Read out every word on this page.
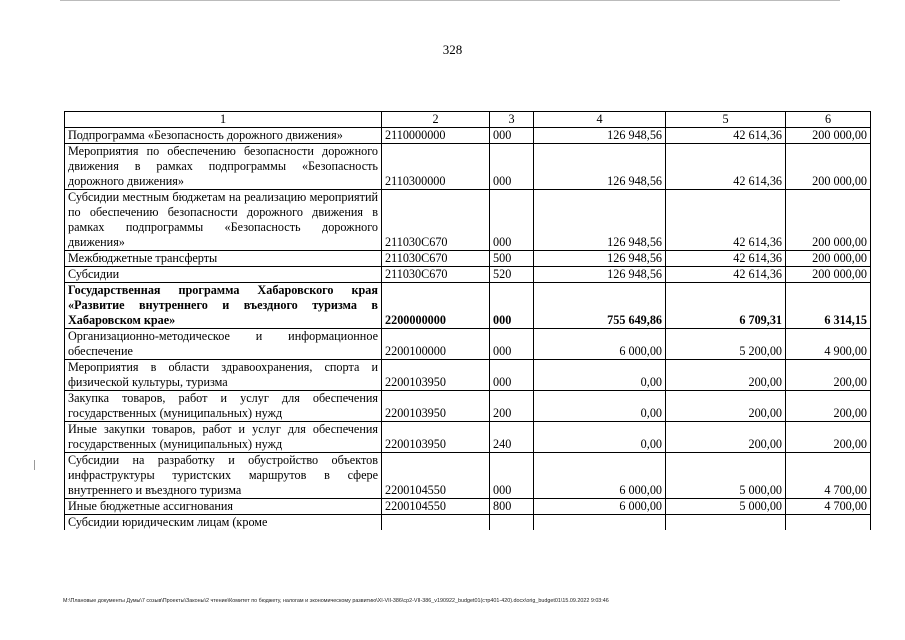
328
1	2	3	4	5	6
Подпрограмма «Безопасность дорожного движения»	2110000000	000	126 948,56	42 614,36	200 000,00
Мероприятия по обеспечению безопасности дорожного движения в рамках подпрограммы «Безопасность дорожного движения»	2110300000	000	126 948,56	42 614,36	200 000,00
Субсидии местным бюджетам на реализацию мероприятий по обеспечению безопасности дорожного движения в рамках подпрограммы «Безопасность дорожного движения»	211030С670	000	126 948,56	42 614,36	200 000,00
Межбюджетные трансферты	211030С670	500	126 948,56	42 614,36	200 000,00
Субсидии	211030С670	520	126 948,56	42 614,36	200 000,00
Государственная программа Хабаровского края «Развитие внутреннего и въездного туризма в Хабаровском крае»	2200000000	000	755 649,86	6 709,31	6 314,15
Организационно-методическое и информационное обеспечение	2200100000	000	6 000,00	5 200,00	4 900,00
Мероприятия в области здравоохранения, спорта и физической культуры, туризма	2200103950	000	0,00	200,00	200,00
Закупка товаров, работ и услуг для обеспечения государственных (муниципальных) нужд	2200103950	200	0,00	200,00	200,00
Иные закупки товаров, работ и услуг для обеспечения государственных (муниципальных) нужд	2200103950	240	0,00	200,00	200,00
Субсидии на разработку и обустройство объектов инфраструктуры туристских маршрутов в сфере внутреннего и въездного туризма	2200104550	000	6 000,00	5 000,00	4 700,00
Иные бюджетные ассигнования	2200104550	800	6 000,00	5 000,00	4 700,00
Субсидии юридическим лицам (кроме					
M:\Плановые документы Думы\7 созыв\Проекты\Законы\2 чтение\Комитет по бюджету, налогам и экономическому развитию\XI-VII-386\ср2-VII-386_v190922_budget01(стр401-420).docx\orig_budget01\15.09.2022 9:03:46
